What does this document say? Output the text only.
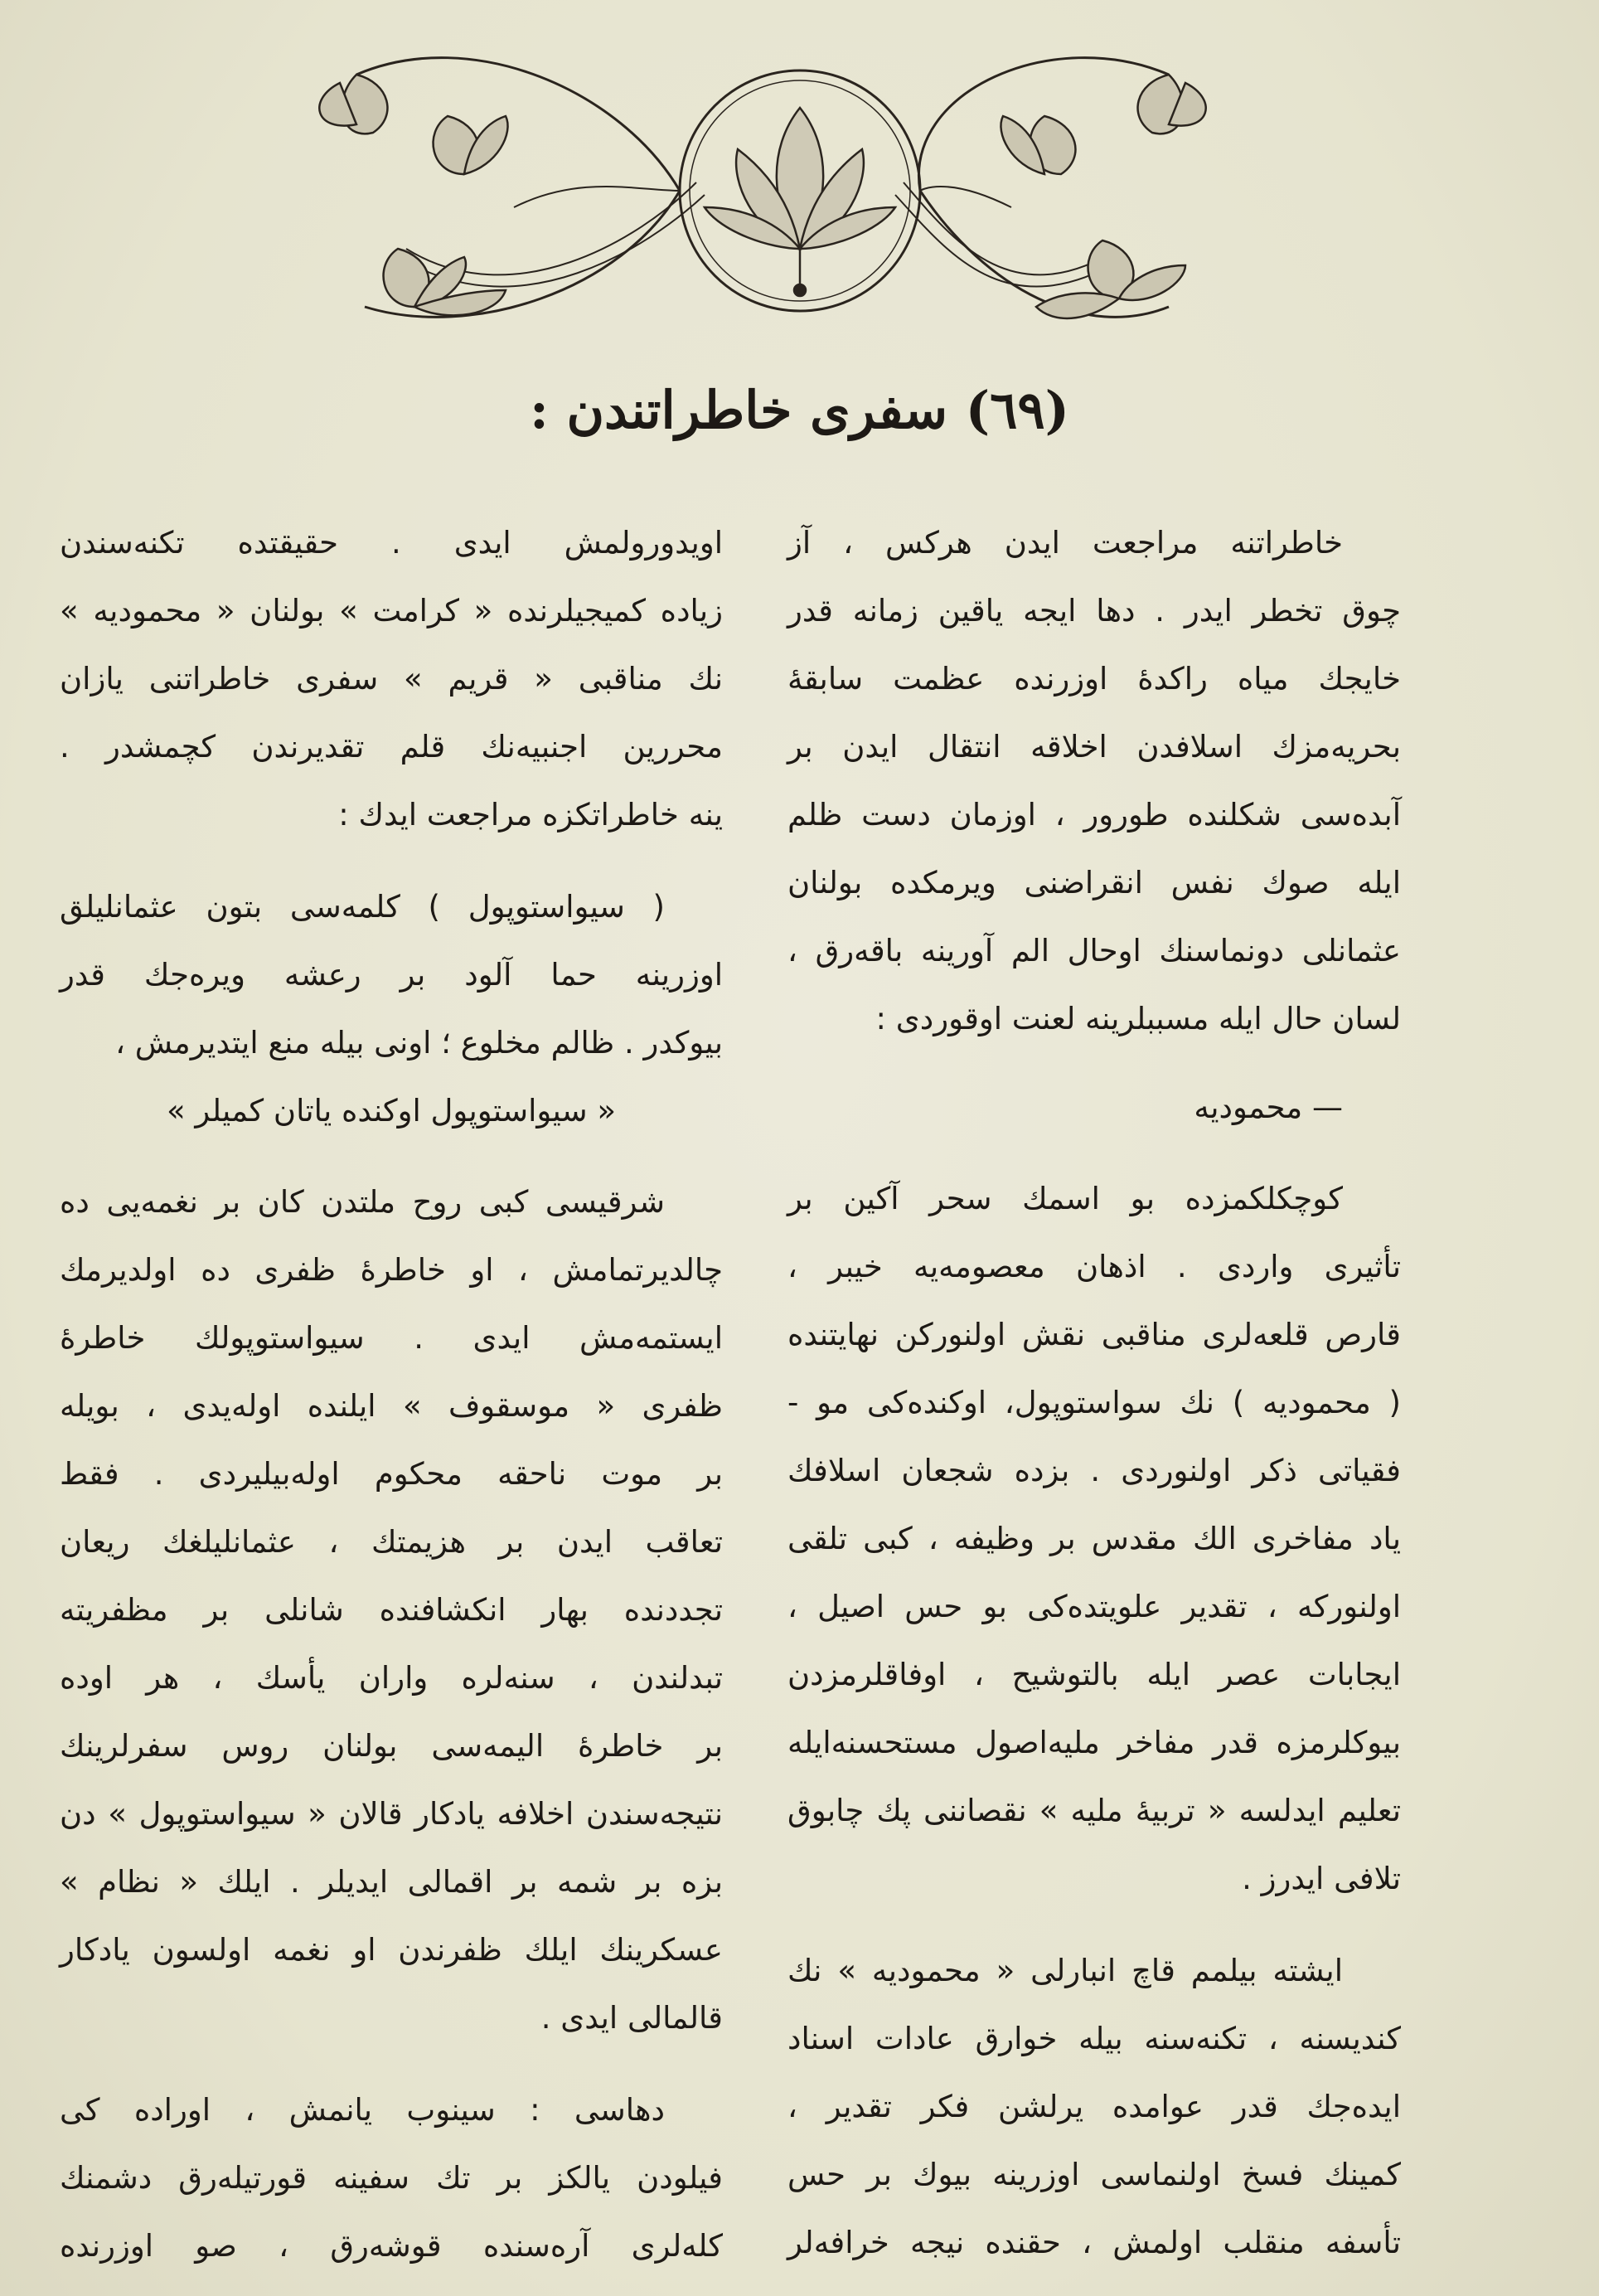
(٦٩) سفری خاطراتندن :
خاطراتنه مراجعت ایدن هركس ، آز
چوق تخطر ایدر . دها ایجه یاقین زمانه قدر
خایجك میاه راكدهٔ اوزرنده عظمت سابقهٔ
بحریه‌مزك اسلافدن اخلاقه انتقال ایدن بر
آبده‌سی شكلنده طورور ، اوزمان دست ظلم
ایله صوك نفس انقراضنی ویرمكده بولنان
عثمانلی دونماسنك اوحال الم آورینه باقه‌رق ،
لسان حال ایله مسببلرینه لعنت اوقوردی :
— محمودیه
كوچكلكمزده بو اسمك سحر آكین بر
تأثیری واردی . اذهان معصومه‌یه خیبر ،
قارص قلعه‌لری مناقبی نقش اولنوركن نهایتنده
( محمودیه ) نك سواستوپول، اوكنده‌كی مو -
فقیاتی ذكر اولنوردی . بزده شجعان اسلافك
یاد مفاخری الك مقدس بر وظیفه ، كبی تلقی
اولنوركه ، تقدیر علویتده‌كی بو حس اصیل ،
ایجابات عصر ایله بالتوشیح ، اوفاقلرمزدن
بیوكلرمزه قدر مفاخر ملیه‌اصول مستحسنه‌ایله
تعلیم ایدلسه « تربیهٔ ملیه » نقصاننی پك چابوق
تلافی ایدرز .
ایشته بیلمم قاچ انبارلی « محمودیه » نك
كندیسنه ، تكنه‌سنه بیله خوارق عادات اسناد
ایده‌جك قدر عوامده یرلشن فكر تقدیر ،
كمینك فسخ اولنماسی اوزرینه بیوك بر حس
تأسفه منقلب اولمش ، حقنده نیجه خرافه‌لر
اویدورولمش ایدی . حقیقتده تكنه‌سندن
زیاده كمیجیلرنده « كرامت » بولنان « محمودیه »
نك مناقبی « قریم » سفری خاطراتنی یازان
محررین اجنبیه‌نك قلم تقدیرندن كچمشدر .
ینه خاطراتكزه مراجعت ایدك :
( سیواستوپول ) كلمه‌سی بتون عثمانلیلق
اوزرینه حما آلود بر رعشه ویره‌جك قدر
بیوكدر . ظالم مخلوع ؛ اونی بیله منع ایتدیرمش ،
« سیواستوپول اوكنده یاتان كمیلر »
شرقیسی كبی روح ملتدن كان بر نغمه‌یی ده
چالدیرتمامش ، او خاطرهٔ ظفری ده اولدیرمك
ایستمه‌مش ایدی . سیواستوپولك خاطرهٔ
ظفری « موسقوف » ایلنده اوله‌یدی ، بویله
بر موت ناحقه محكوم اوله‌بیلیردی . فقط
تعاقب ایدن بر هزیمتك ، عثمانلیلغك ریعان
تجددنده بهار انكشافنده شانلی بر مظفریته
تبدلندن ، سنه‌لره واران یأسك ، هر اوده
بر خاطرهٔ الیمه‌سی بولنان روس سفرلرینك
نتیجه‌سندن اخلافه یادكار قالان « سیواستوپول » دن
بزه بر شمه بر اقمالی ایدیلر . ایلك « نظام »
عسكرینك ایلك ظفرندن او نغمه اولسون یادكار
قالمالی ایدی .
دهاسی : سینوب یانمش ، اوراده كی
فیلودن یالكز بر تك سفینه قورتیله‌رق دشمنك
كله‌لری آره‌سنده قوشه‌رق ، صو اوزرنده
